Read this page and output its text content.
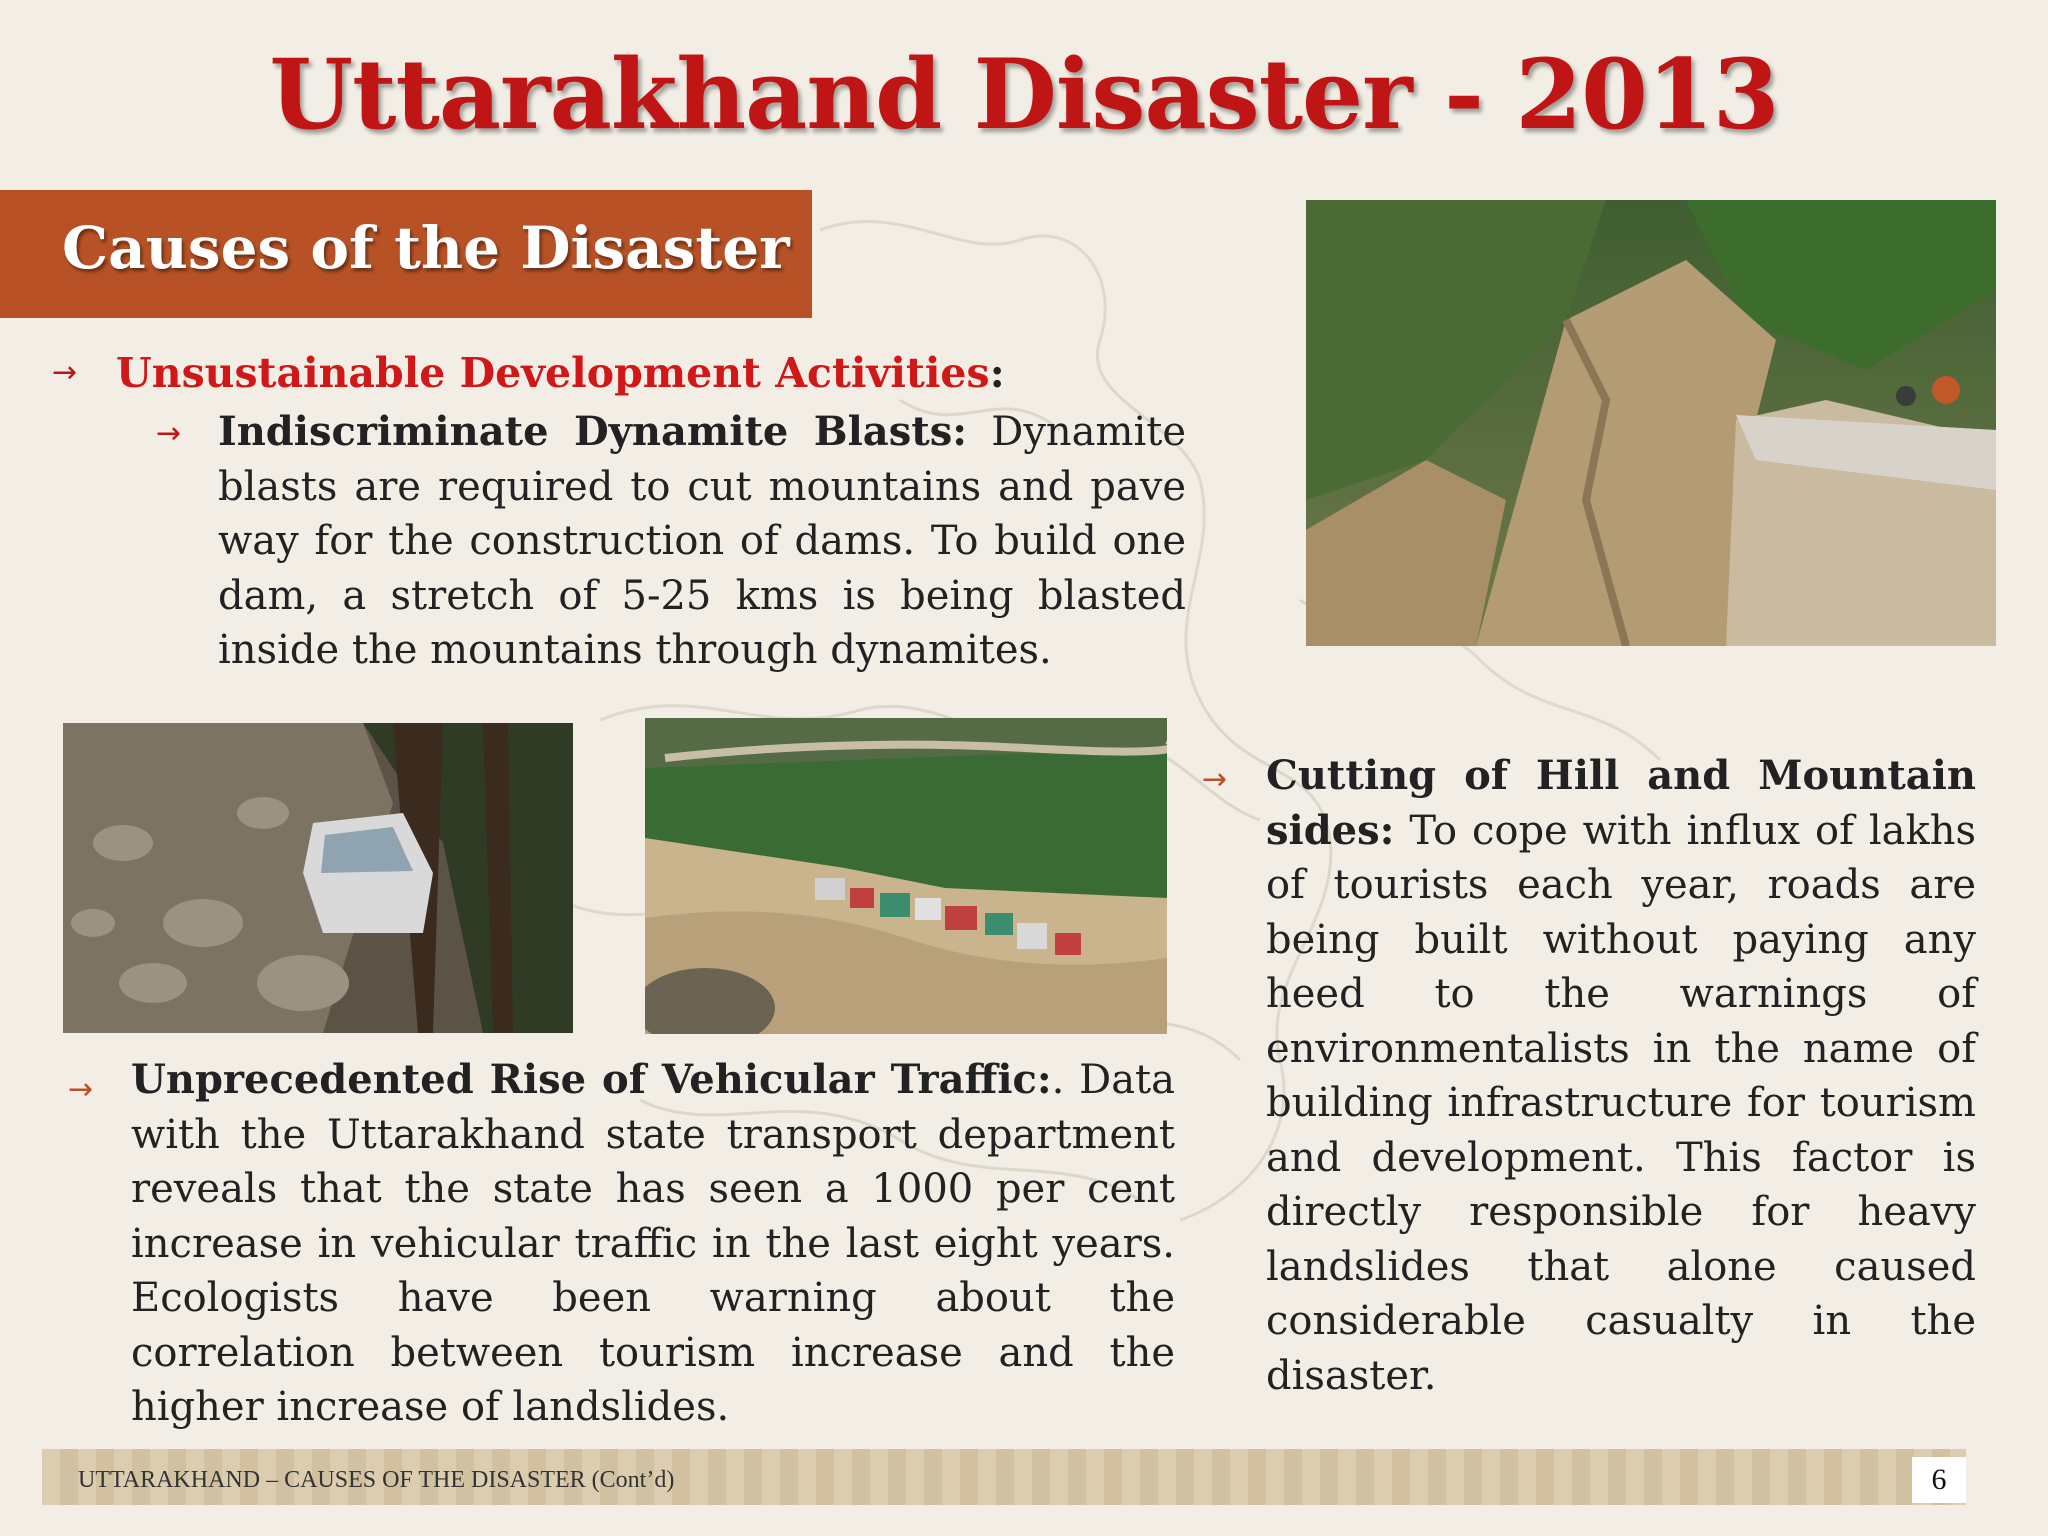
Uttarakhand Disaster - 2013
Causes of the Disaster
→ Unsustainable Development Activities:
→ Indiscriminate Dynamite Blasts: Dynamite blasts are required to cut mountains and pave way for the construction of dams. To build one dam, a stretch of 5-25 kms is being blasted inside the mountains through dynamites.
→ Unprecedented Rise of Vehicular Traffic:. Data with the Uttarakhand state transport department reveals that the state has seen a 1000 per cent increase in vehicular traffic in the last eight years. Ecologists have been warning about the correlation between tourism increase and the higher increase of landslides.
→ Cutting of Hill and Mountain sides: To cope with influx of lakhs of tourists each year, roads are being built without paying any heed to the warnings of environmentalists in the name of building infrastructure for tourism and development. This factor is directly responsible for heavy landslides that alone caused considerable casualty in the disaster.
UTTARAKHAND – CAUSES OF THE DISASTER (Cont’d)	6
